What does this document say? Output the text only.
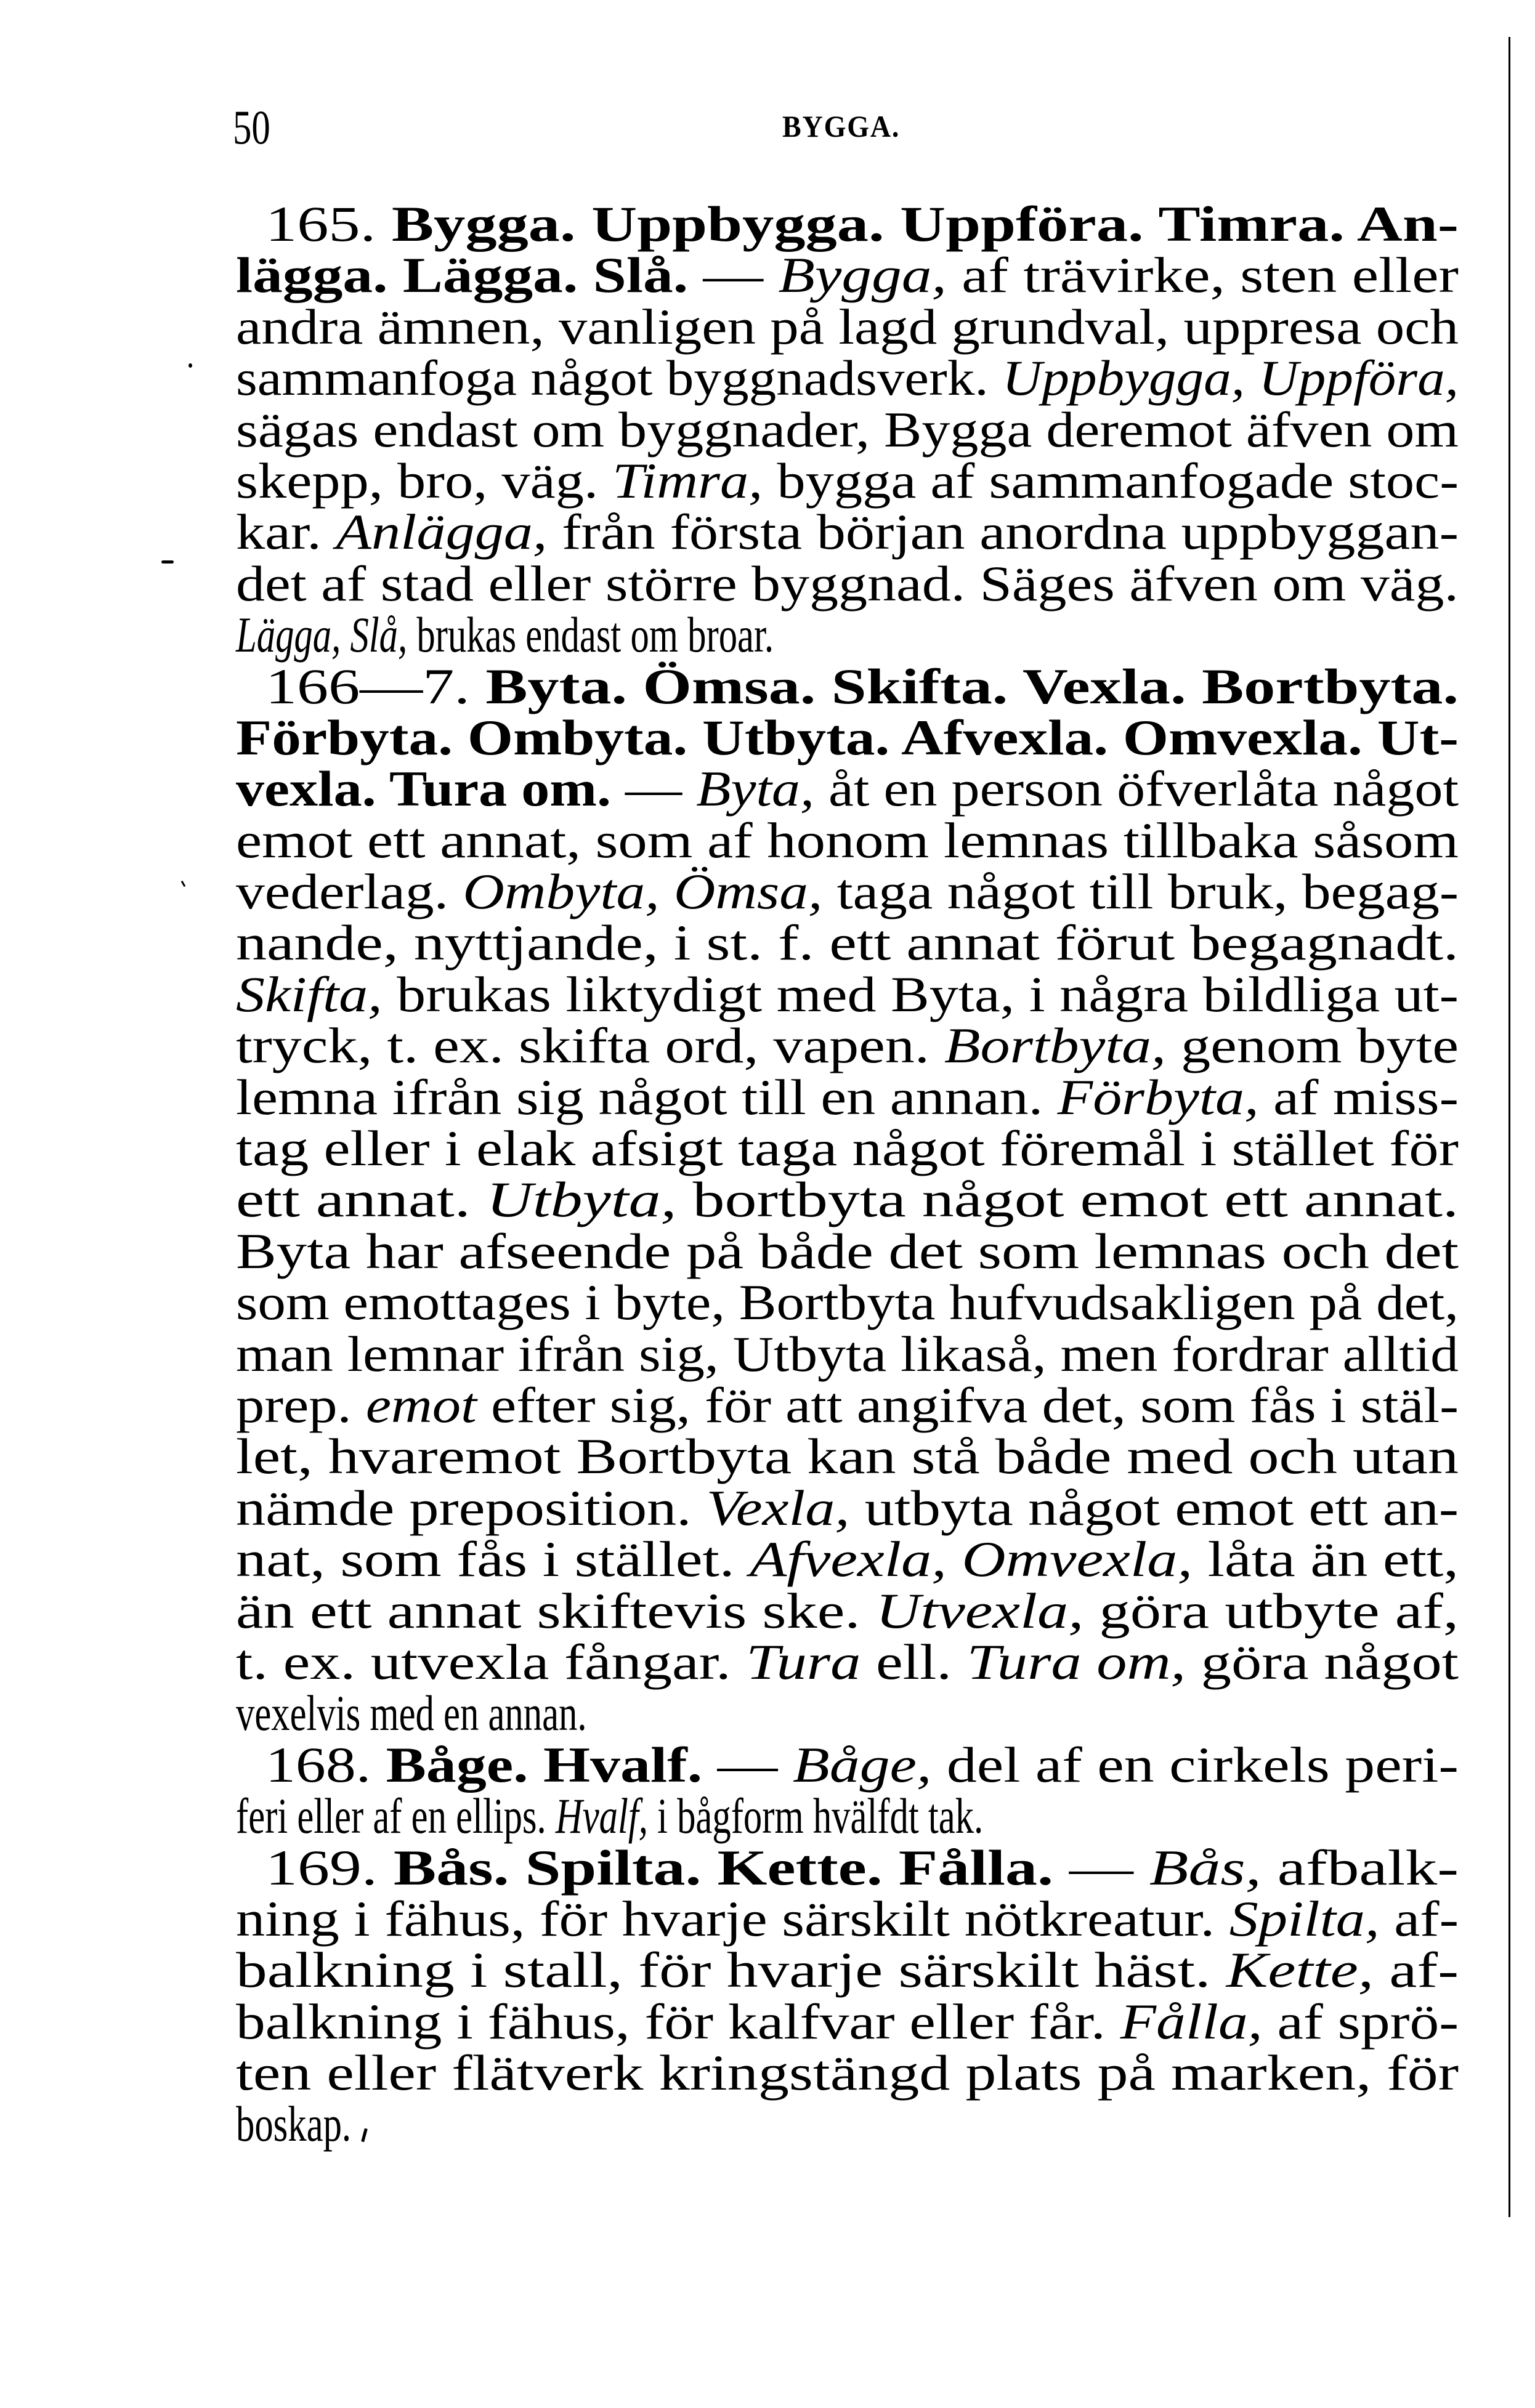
50	BYGGA.
165. Bygga. Uppbygga. Uppföra. Timra. An-
lägga. Lägga. Slå. — Bygga, af trävirke, sten eller
andra ämnen, vanligen på lagd grundval, uppresa och
sammanfoga något byggnadsverk. Uppbygga, Uppföra,
sägas endast om byggnader, Bygga deremot äfven om
skepp, bro, väg. Timra, bygga af sammanfogade stoc-
kar. Anlägga, från första början anordna uppbyggan-
det af stad eller större byggnad. Säges äfven om väg.
Lägga, Slå, brukas endast om broar.
166—7. Byta. Ömsa. Skifta. Vexla. Bortbyta.
Förbyta. Ombyta. Utbyta. Afvexla. Omvexla. Ut-
vexla. Tura om. — Byta, åt en person öfverlåta något
emot ett annat, som af honom lemnas tillbaka såsom
vederlag. Ombyta, Ömsa, taga något till bruk, begag-
nande, nyttjande, i st. f. ett annat förut begagnadt.
Skifta, brukas liktydigt med Byta, i några bildliga ut-
tryck, t. ex. skifta ord, vapen. Bortbyta, genom byte
lemna ifrån sig något till en annan. Förbyta, af miss-
tag eller i elak afsigt taga något föremål i stället för
ett annat. Utbyta, bortbyta något emot ett annat.
Byta har afseende på både det som lemnas och det
som emottages i byte, Bortbyta hufvudsakligen på det,
man lemnar ifrån sig, Utbyta likaså, men fordrar alltid
prep. emot efter sig, för att angifva det, som fås i stäl-
let, hvaremot Bortbyta kan stå både med och utan
nämde preposition. Vexla, utbyta något emot ett an-
nat, som fås i stället. Afvexla, Omvexla, låta än ett,
än ett annat skiftevis ske. Utvexla, göra utbyte af,
t. ex. utvexla fångar. Tura ell. Tura om, göra något
vexelvis med en annan.
168. Båge. Hvalf. — Båge, del af en cirkels peri-
feri eller af en ellips. Hvalf, i bågform hvälfdt tak.
169. Bås. Spilta. Kette. Fålla. — Bås, afbalk-
ning i fähus, för hvarje särskilt nötkreatur. Spilta, af-
balkning i stall, för hvarje särskilt häst. Kette, af-
balkning i fähus, för kalfvar eller får. Fålla, af sprö-
ten eller flätverk kringstängd plats på marken, för
boskap.
